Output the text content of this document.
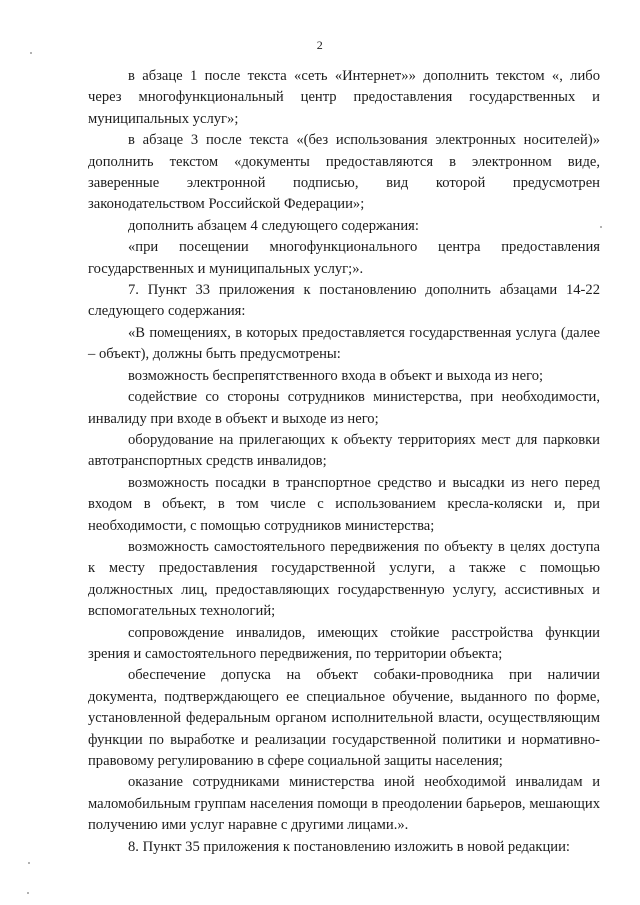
2

в абзаце 1 после текста «сеть «Интернет»» дополнить текстом «, либо через многофункциональный центр предоставления государственных и муниципальных услуг»;

в абзаце 3 после текста «(без использования электронных носителей)» дополнить текстом «документы предоставляются в электронном виде, заверенные электронной подписью, вид которой предусмотрен законодательством Российской Федерации»;

дополнить абзацем 4 следующего содержания:

«при посещении многофункционального центра предоставления государственных и муниципальных услуг;».

7. Пункт 33 приложения к постановлению дополнить абзацами 14-22 следующего содержания:

«В помещениях, в которых предоставляется государственная услуга (далее – объект), должны быть предусмотрены:

возможность беспрепятственного входа в объект и выхода из него;

содействие со стороны сотрудников министерства, при необходимости, инвалиду при входе в объект и выходе из него;

оборудование на прилегающих к объекту территориях мест для парковки автотранспортных средств инвалидов;

возможность посадки в транспортное средство и высадки из него перед входом в объект, в том числе с использованием кресла-коляски и, при необходимости, с помощью сотрудников министерства;

возможность самостоятельного передвижения по объекту в целях доступа к месту предоставления государственной услуги, а также с помощью должностных лиц, предоставляющих государственную услугу, ассистивных и вспомогательных технологий;

сопровождение инвалидов, имеющих стойкие расстройства функции зрения и самостоятельного передвижения, по территории объекта;

обеспечение допуска на объект собаки-проводника при наличии документа, подтверждающего ее специальное обучение, выданного по форме, установленной федеральным органом исполнительной власти, осуществляющим функции по выработке и реализации государственной политики и нормативно-правовому регулированию в сфере социальной защиты населения;

оказание сотрудниками министерства иной необходимой инвалидам и маломобильным группам населения помощи в преодолении барьеров, мешающих получению ими услуг наравне с другими лицами.».

8. Пункт 35 приложения к постановлению изложить в новой редакции:
